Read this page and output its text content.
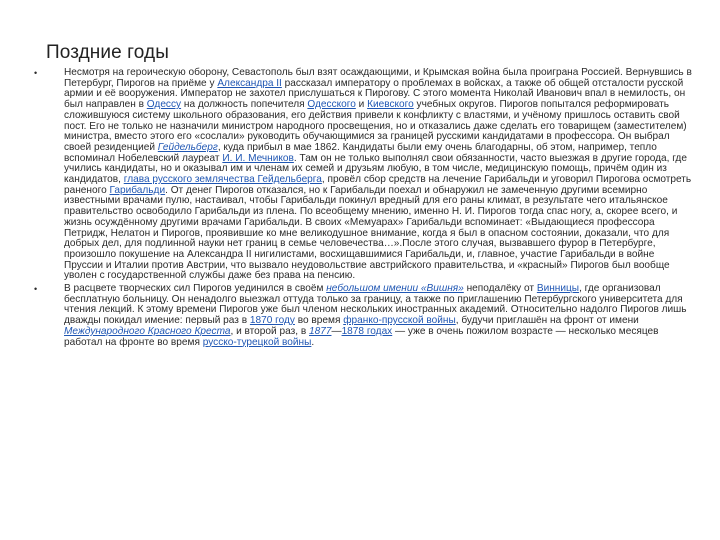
Поздние годы
•	Несмотря на героическую оборону, Севастополь был взят осаждающими, и Крымская война была проиграна Россией. Вернувшись в Петербург, Пирогов на приёме у Александра II рассказал императору о проблемах в войсках, а также об общей отсталости русской армии и её вооружения. Император не захотел прислушаться к Пирогову. С этого момента Николай Иванович впал в немилость, он был направлен в Одессу на должность попечителя Одесского и Киевского учебных округов. Пирогов попытался реформировать сложившуюся систему школьного образования, его действия привели к конфликту с властями, и учёному пришлось оставить свой пост. Его не только не назначили министром народного просвещения, но и отказались даже сделать его товарищем (заместителем) министра, вместо этого его «сослали» руководить обучающимися за границей русскими кандидатами в профессора. Он выбрал своей резиденцией Гейдельберг, куда прибыл в мае 1862. Кандидаты были ему очень благодарны, об этом, например, тепло вспоминал Нобелевский лауреат И. И. Мечников. Там он не только выполнял свои обязанности, часто выезжая в другие города, где учились кандидаты, но и оказывал им и членам их семей и друзьям любую, в том числе, медицинскую помощь, причём один из кандидатов, глава русского землячества Гейдельберга, провёл сбор средств на лечение Гарибальди и уговорил Пирогова осмотреть раненого Гарибальди. От денег Пирогов отказался, но к Гарибальди поехал и обнаружил не замеченную другими всемирно известными врачами пулю, настаивал, чтобы Гарибальди покинул вредный для его раны климат, в результате чего итальянское правительство освободило Гарибальди из плена. По всеобщему мнению, именно Н. И. Пирогов тогда спас ногу, а, скорее всего, и жизнь осуждённому другими врачами Гарибальди. В своих «Мемуарах» Гарибальди вспоминает: «Выдающиеся профессора Петридж, Нелатон и Пирогов, проявившие ко мне великодушное внимание, когда я был в опасном состоянии, доказали, что для добрых дел, для подлинной науки нет границ в семье человечества…».После этого случая, вызвавшего фурор в Петербурге, произошло покушение на Александра II нигилистами, восхищавшимися Гарибальди, и, главное, участие Гарибальди в войне Пруссии и Италии против Австрии, что вызвало неудовольствие австрийского правительства, и «красный» Пирогов был вообще уволен с государственной службы даже без права на пенсию.

•	В расцвете творческих сил Пирогов уединился в своём небольшом имении «Вишня» неподалёку от Винницы, где организовал бесплатную больницу. Он ненадолго выезжал оттуда только за границу, а также по приглашению Петербургского университета для чтения лекций. К этому времени Пирогов уже был членом нескольких иностранных академий. Относительно надолго Пирогов лишь дважды покидал имение: первый раз в 1870 году во время франко-прусской войны, будучи приглашён на фронт от имени Международного Красного Креста, и второй раз, в 1877—1878 годах — уже в очень пожилом возрасте — несколько месяцев работал на фронте во время русско-турецкой войны.
